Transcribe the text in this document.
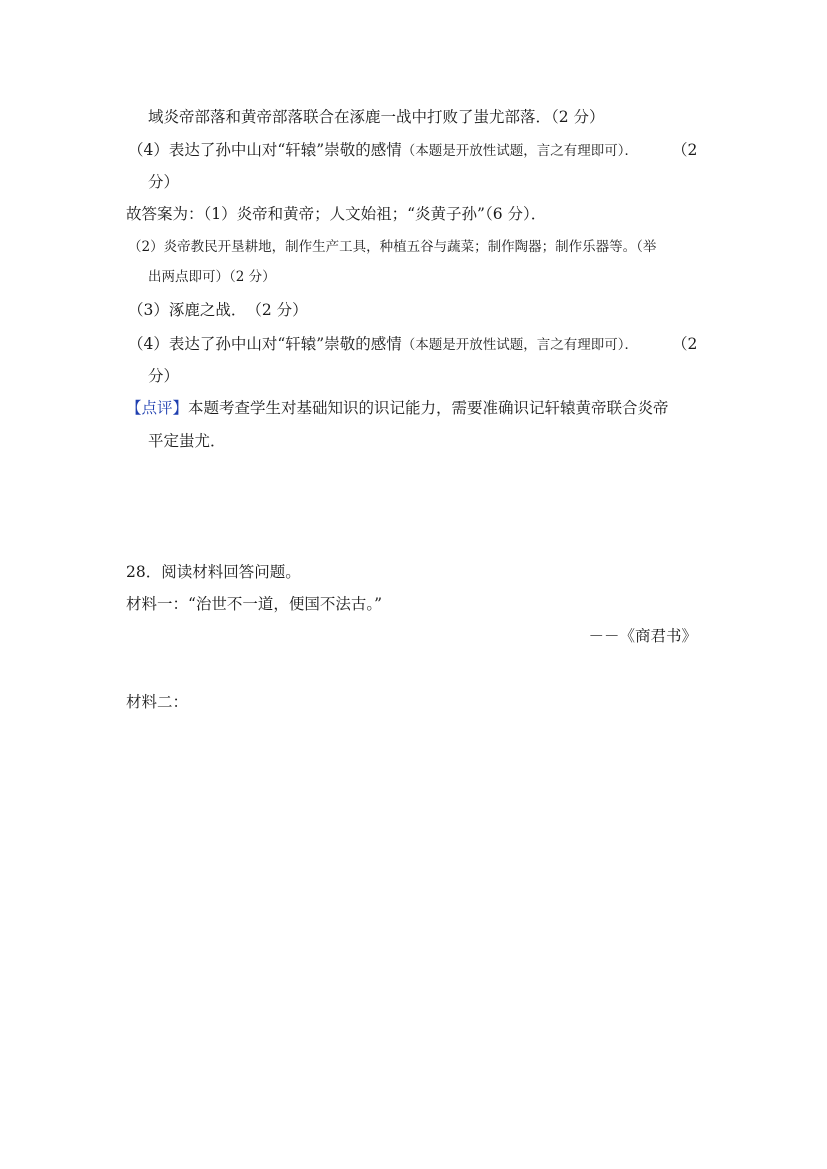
域炎帝部落和黄帝部落联合在涿鹿一战中打败了蚩尤部落．（2 分）
（4）表达了孙中山对“轩辕”崇敬的感情（本题是开放性试题，言之有理即可）． （2
分）
故答案为：（1）炎帝和黄帝；人文始祖；“炎黄子孙”（6 分）．
（2）炎帝教民开垦耕地，制作生产工具，种植五谷与蔬菜；制作陶器；制作乐器等。（举
出两点即可）（2 分）
（3）涿鹿之战．　（2 分）
（4）表达了孙中山对“轩辕”崇敬的感情（本题是开放性试题，言之有理即可）． （2
分）
【点评】本题考查学生对基础知识的识记能力，需要准确识记轩辕黄帝联合炎帝
平定蚩尤．
28．阅读材料回答问题。
材料一：“治世不一道，便国不法古。”
－－《商君书》
材料二：
